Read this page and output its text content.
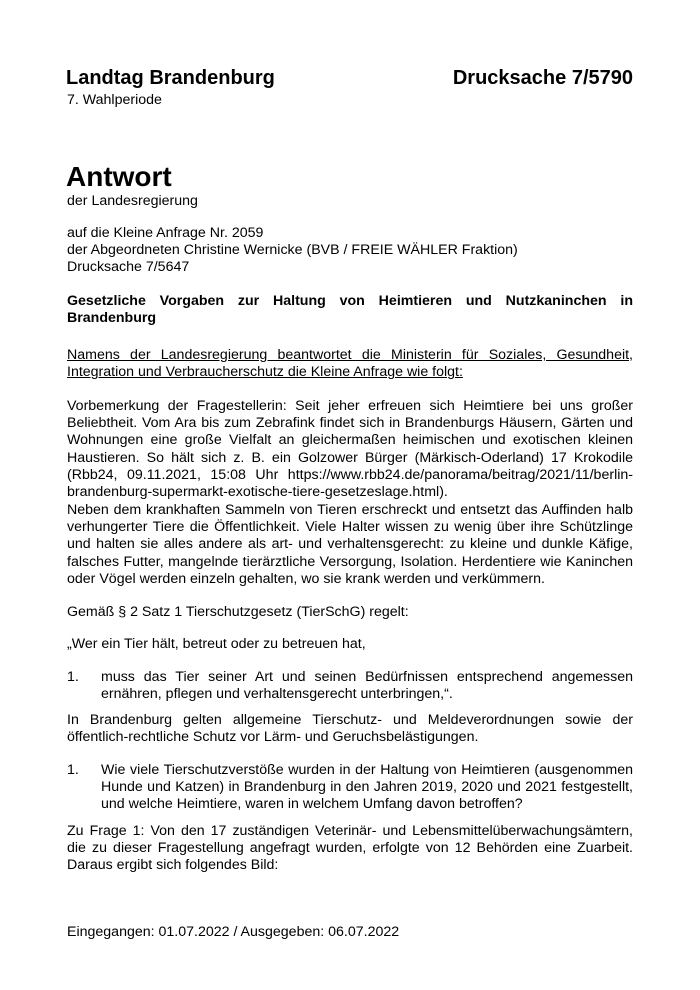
Landtag Brandenburg	Drucksache 7/5790
7. Wahlperiode
Antwort
der Landesregierung
auf die Kleine Anfrage Nr. 2059
der Abgeordneten Christine Wernicke (BVB / FREIE WÄHLER Fraktion)
Drucksache 7/5647
Gesetzliche Vorgaben zur Haltung von Heimtieren und Nutzkaninchen in Brandenburg
Namens der Landesregierung beantwortet die Ministerin für Soziales, Gesundheit, Integration und Verbraucherschutz die Kleine Anfrage wie folgt:
Vorbemerkung der Fragestellerin: Seit jeher erfreuen sich Heimtiere bei uns großer Beliebtheit. Vom Ara bis zum Zebrafink findet sich in Brandenburgs Häusern, Gärten und Wohnungen eine große Vielfalt an gleichermaßen heimischen und exotischen kleinen Haustieren. So hält sich z. B. ein Golzower Bürger (Märkisch-Oderland) 17 Krokodile (Rbb24, 09.11.2021, 15:08 Uhr https://www.rbb24.de/panorama/beitrag/2021/11/berlin-brandenburg-supermarkt-exotische-tiere-gesetzeslage.html).
Neben dem krankhaften Sammeln von Tieren erschreckt und entsetzt das Auffinden halb verhungerter Tiere die Öffentlichkeit. Viele Halter wissen zu wenig über ihre Schützlinge und halten sie alles andere als art- und verhaltensgerecht: zu kleine und dunkle Käfige, falsches Futter, mangelnde tierärztliche Versorgung, Isolation. Herdentiere wie Kaninchen oder Vögel werden einzeln gehalten, wo sie krank werden und verkümmern.
Gemäß § 2 Satz 1 Tierschutzgesetz (TierSchG) regelt:
„Wer ein Tier hält, betreut oder zu betreuen hat,
1. muss das Tier seiner Art und seinen Bedürfnissen entsprechend angemessen ernähren, pflegen und verhaltensgerecht unterbringen,“.
In Brandenburg gelten allgemeine Tierschutz- und Meldeverordnungen sowie der öffentlich-rechtliche Schutz vor Lärm- und Geruchsbelästigungen.
1. Wie viele Tierschutzverstöße wurden in der Haltung von Heimtieren (ausgenommen Hunde und Katzen) in Brandenburg in den Jahren 2019, 2020 und 2021 festgestellt, und welche Heimtiere, waren in welchem Umfang davon betroffen?
Zu Frage 1: Von den 17 zuständigen Veterinär- und Lebensmittelüberwachungsämtern, die zu dieser Fragestellung angefragt wurden, erfolgte von 12 Behörden eine Zuarbeit. Daraus ergibt sich folgendes Bild:
Eingegangen: 01.07.2022 / Ausgegeben: 06.07.2022
